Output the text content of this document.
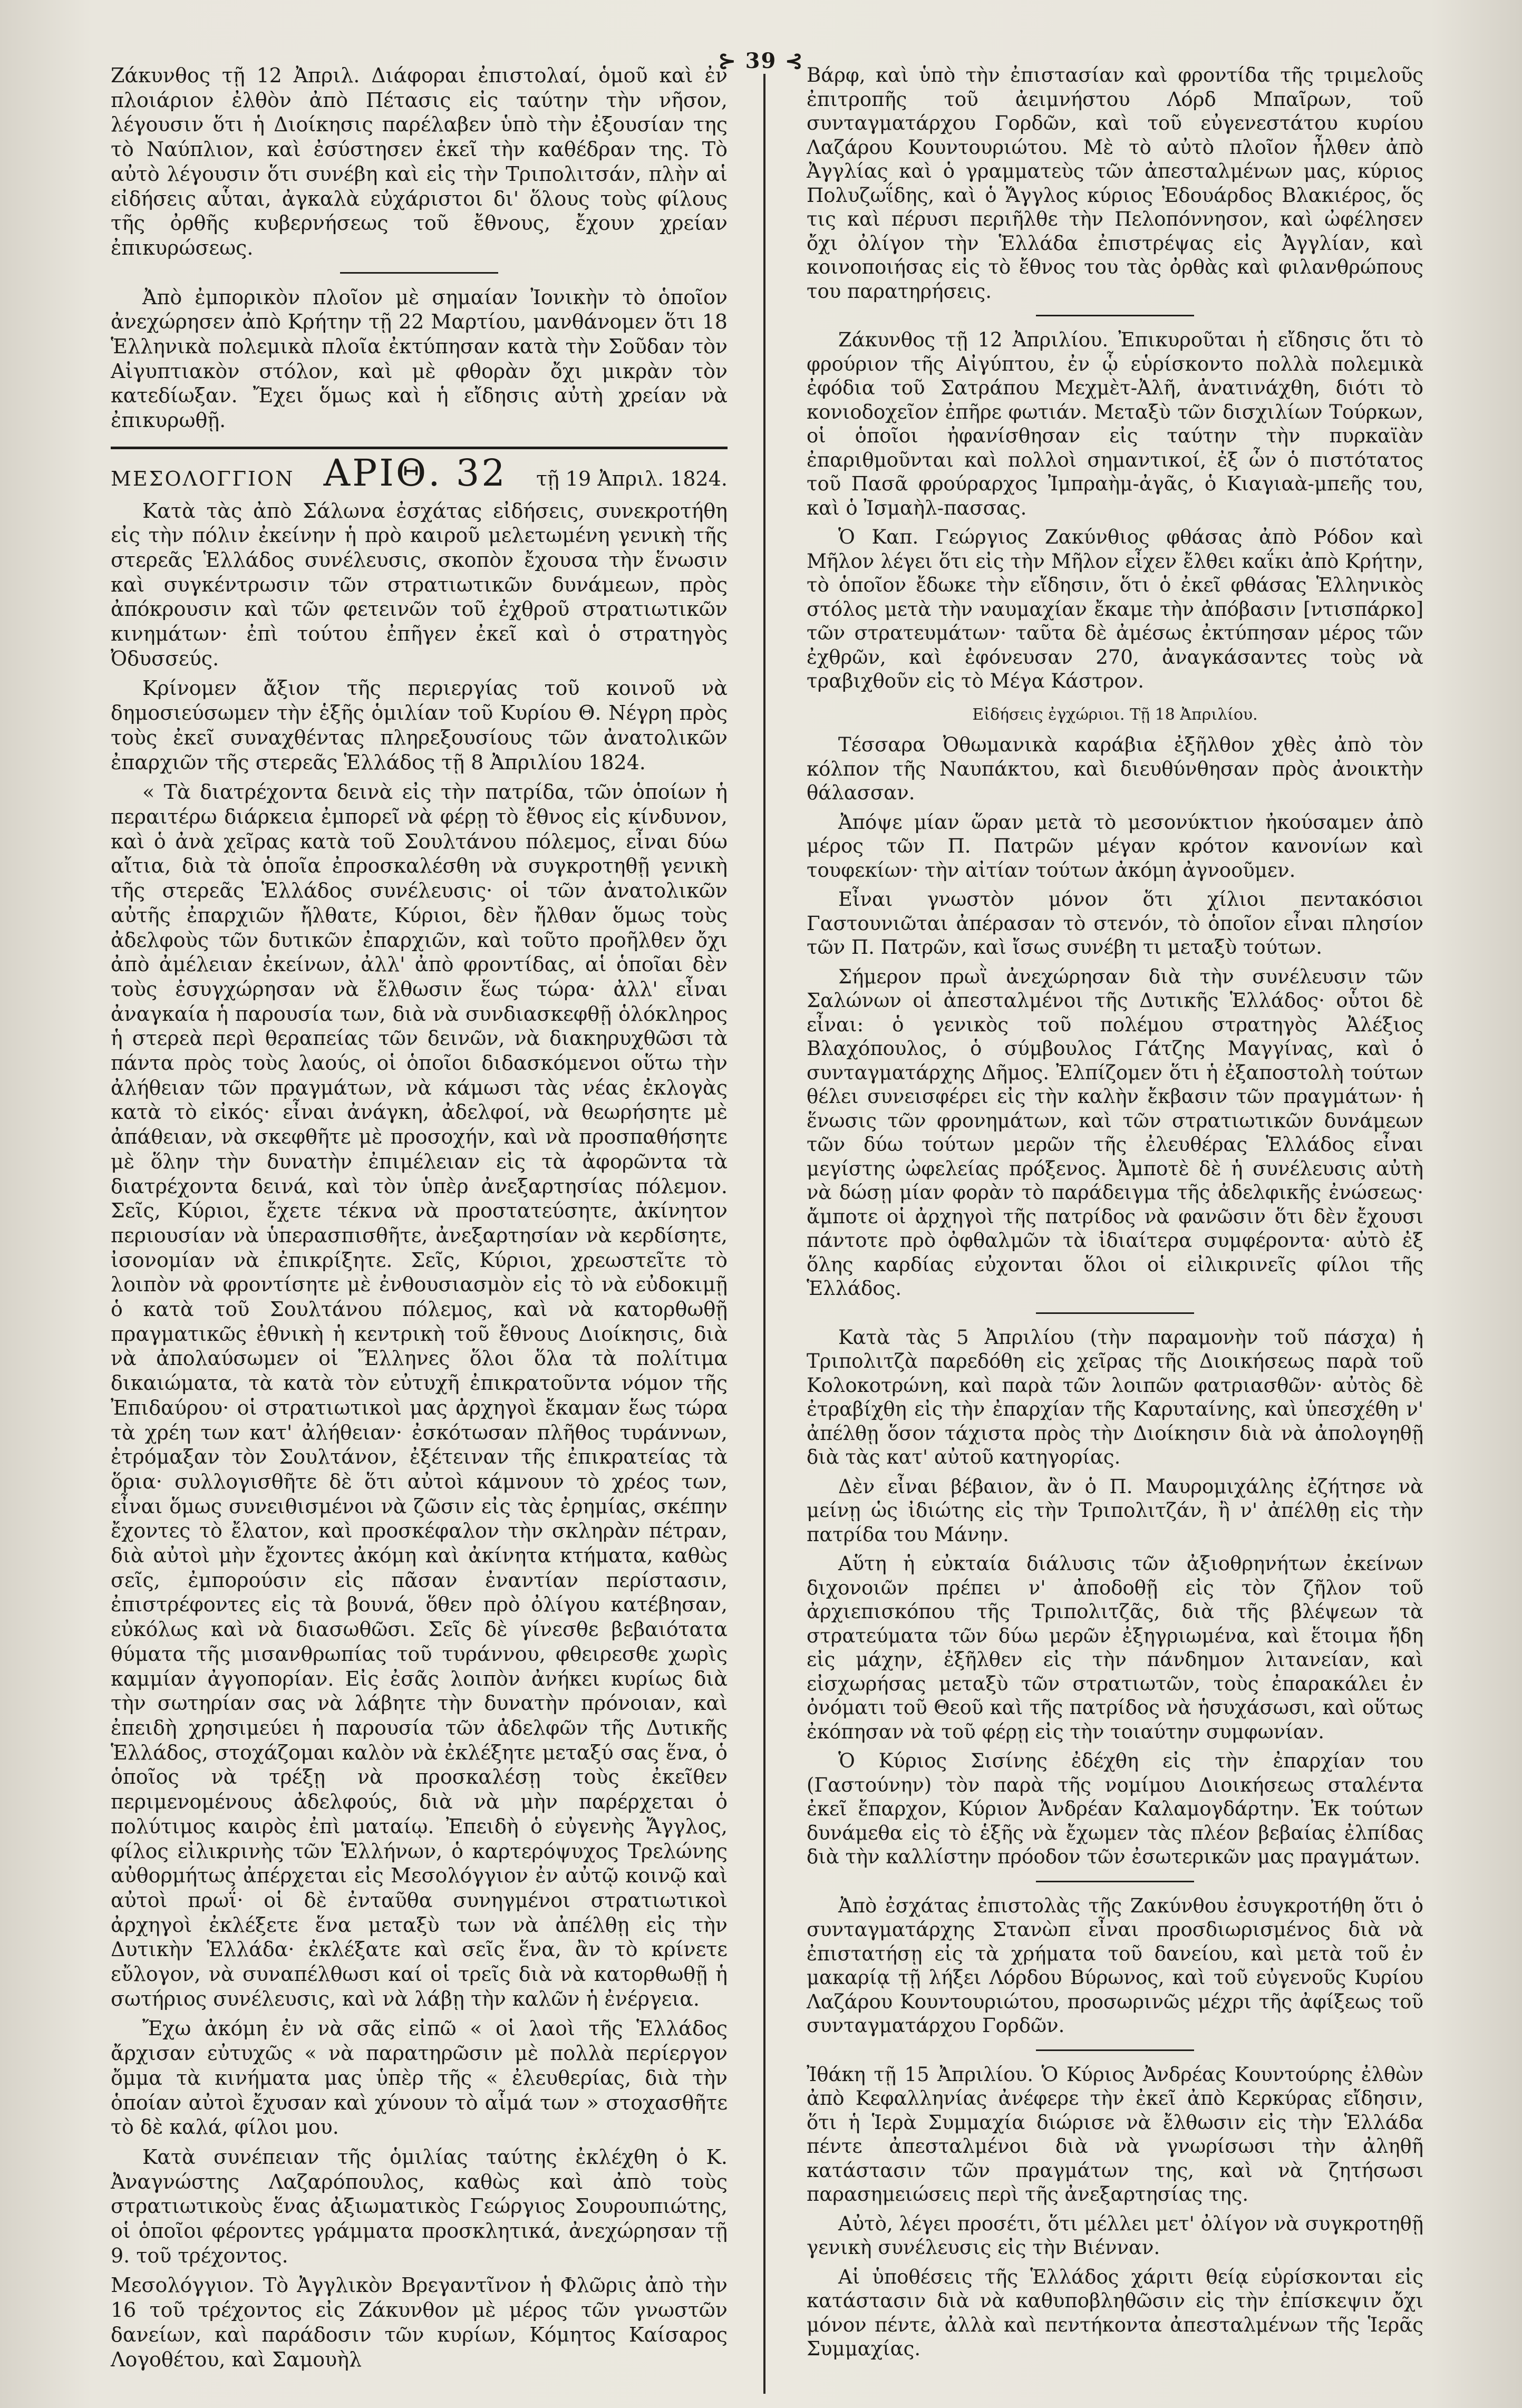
⊱ 39 ⊰

Ζάκυνθος τῇ 12 Ἀπριλ. Διάφοραι ἐπιστολαί, ὁμοῦ καὶ ἐν πλοιάριον ἐλθὸν ἀπὸ Πέτασις εἰς ταύτην τὴν νῆσον, λέγουσιν ὅτι ἡ Διοίκησις παρέλαβεν ὑπὸ τὴν ἐξουσίαν της τὸ Ναύπλιον, καὶ ἐσύστησεν ἐκεῖ τὴν καθέδραν της. Τὸ αὐτὸ λέγουσιν ὅτι συνέβη καὶ εἰς τὴν Τριπολιτσάν, πλὴν αἱ εἰδήσεις αὗται, ἀγκαλὰ εὐχάριστοι δι' ὅλους τοὺς φίλους τῆς ὀρθῆς κυβερνήσεως τοῦ ἔθνους, ἔχουν χρείαν ἐπικυρώσεως.

Ἀπὸ ἐμπορικὸν πλοῖον μὲ σημαίαν Ἰονικὴν τὸ ὁποῖον ἀνεχώρησεν ἀπὸ Κρήτην τῇ 22 Μαρτίου, μανθάνομεν ὅτι 18 Ἑλληνικὰ πολεμικὰ πλοῖα ἐκτύπησαν κατὰ τὴν Σοῦδαν τὸν Αἰγυπτιακὸν στόλον, καὶ μὲ φθορὰν ὄχι μικρὰν τὸν κατεδίωξαν. Ἔχει ὅμως καὶ ἡ εἴδησις αὐτὴ χρείαν νὰ ἐπικυρωθῇ.

ΜΕΣΟΛΟΓΓΙΟΝ ΑΡΙΘ. 32 τῇ 19 Ἀπριλ. 1824.

Κατὰ τὰς ἀπὸ Σάλωνα ἐσχάτας εἰδήσεις, συνεκροτήθη εἰς τὴν πόλιν ἐκείνην ἡ πρὸ καιροῦ μελετωμένη γενικὴ τῆς στερεᾶς Ἑλλάδος συνέλευσις, σκοπὸν ἔχουσα τὴν ἕνωσιν καὶ συγκέντρωσιν τῶν στρατιωτικῶν δυνάμεων, πρὸς ἀπόκρουσιν καὶ τῶν φετεινῶν τοῦ ἐχθροῦ στρατιωτικῶν κινημάτων· ἐπὶ τούτου ἐπῆγεν ἐκεῖ καὶ ὁ στρατηγὸς Ὀδυσσεύς.

Κρίνομεν ἄξιον τῆς περιεργίας τοῦ κοινοῦ νὰ δημοσιεύσωμεν τὴν ἑξῆς ὁμιλίαν τοῦ Κυρίου Θ. Νέγρη πρὸς τοὺς ἐκεῖ συναχθέντας πληρεξουσίους τῶν ἀνατολικῶν ἐπαρχιῶν τῆς στερεᾶς Ἑλλάδος τῇ 8 Ἀπριλίου 1824.

« Τὰ διατρέχοντα δεινὰ εἰς τὴν πατρίδα, τῶν ὁποίων ἡ περαιτέρω διάρκεια ἐμπορεῖ νὰ φέρῃ τὸ ἔθνος εἰς κίνδυνον, καὶ ὁ ἀνὰ χεῖρας κατὰ τοῦ Σουλτάνου πόλεμος, εἶναι δύω αἴτια, διὰ τὰ ὁποῖα ἐπροσκαλέσθη νὰ συγκροτηθῇ γενικὴ τῆς στερεᾶς Ἑλλάδος συνέλευσις· οἱ τῶν ἀνατολικῶν αὐτῆς ἐπαρχιῶν ἤλθατε, Κύριοι, δὲν ἤλθαν ὅμως τοὺς ἀδελφοὺς τῶν δυτικῶν ἐπαρχιῶν, καὶ τοῦτο προῆλθεν ὄχι ἀπὸ ἀμέλειαν ἐκείνων, ἀλλ' ἀπὸ φροντίδας, αἱ ὁποῖαι δὲν τοὺς ἐσυγχώρησαν νὰ ἔλθωσιν ἕως τώρα· ἀλλ' εἶναι ἀναγκαία ἡ παρουσία των, διὰ νὰ συνδιασκεφθῇ ὁλόκληρος ἡ στερεὰ περὶ θεραπείας τῶν δεινῶν, νὰ διακηρυχθῶσι τὰ πάντα πρὸς τοὺς λαούς, οἱ ὁποῖοι διδασκόμενοι οὕτω τὴν ἀλήθειαν τῶν πραγμάτων, νὰ κάμωσι τὰς νέας ἐκλογὰς κατὰ τὸ εἰκός· εἶναι ἀνάγκη, ἀδελφοί, νὰ θεωρήσητε μὲ ἀπάθειαν, νὰ σκεφθῆτε μὲ προσοχήν, καὶ νὰ προσπαθήσητε μὲ ὅλην τὴν δυνατὴν ἐπιμέλειαν εἰς τὰ ἀφορῶντα τὰ διατρέχοντα δεινά, καὶ τὸν ὑπὲρ ἀνεξαρτησίας πόλεμον. Σεῖς, Κύριοι, ἔχετε τέκνα νὰ προστατεύσητε, ἀκίνητον περιουσίαν νὰ ὑπερασπισθῆτε, ἀνεξαρτησίαν νὰ κερδίσητε, ἰσονομίαν νὰ ἐπικρίξητε. Σεῖς, Κύριοι, χρεωστεῖτε τὸ λοιπὸν νὰ φροντίσητε μὲ ἐνθουσιασμὸν εἰς τὸ νὰ εὐδοκιμῇ ὁ κατὰ τοῦ Σουλτάνου πόλεμος, καὶ νὰ κατορθωθῇ πραγματικῶς ἐθνικὴ ἡ κεντρικὴ τοῦ ἔθνους Διοίκησις, διὰ νὰ ἀπολαύσωμεν οἱ Ἕλληνες ὅλοι ὅλα τὰ πολίτιμα δικαιώματα, τὰ κατὰ τὸν εὐτυχῆ ἐπικρατοῦντα νόμον τῆς Ἐπιδαύρου· οἱ στρατιωτικοὶ μας ἀρχηγοὶ ἔκαμαν ἕως τώρα τὰ χρέη των κατ' ἀλήθειαν· ἐσκότωσαν πλῆθος τυράννων, ἐτρόμαξαν τὸν Σουλτάνον, ἐξέτειναν τῆς ἐπικρατείας τὰ ὅρια· συλλογισθῆτε δὲ ὅτι αὐτοὶ κάμνουν τὸ χρέος των, εἶναι ὅμως συνειθισμένοι νὰ ζῶσιν εἰς τὰς ἐρημίας, σκέπην ἔχοντες τὸ ἔλατον, καὶ προσκέφαλον τὴν σκληρὰν πέτραν, διὰ αὐτοὶ μὴν ἔχοντες ἀκόμη καὶ ἀκίνητα κτήματα, καθὼς σεῖς, ἐμπορούσιν εἰς πᾶσαν ἐναντίαν περίστασιν, ἐπιστρέφοντες εἰς τὰ βουνά, ὅθεν πρὸ ὀλίγου κατέβησαν, εὐκόλως καὶ νὰ διασωθῶσι. Σεῖς δὲ γίνεσθε βεβαιότατα θύματα τῆς μισανθρωπίας τοῦ τυράννου, φθειρεσθε χωρὶς καμμίαν ἀγγοπορίαν. Εἰς ἐσᾶς λοιπὸν ἀνήκει κυρίως διὰ τὴν σωτηρίαν σας νὰ λάβητε τὴν δυνατὴν πρόνοιαν, καὶ ἐπειδὴ χρησιμεύει ἡ παρουσία τῶν ἀδελφῶν τῆς Δυτικῆς Ἑλλάδος, στοχάζομαι καλὸν νὰ ἐκλέξητε μεταξύ σας ἕνα, ὁ ὁποῖος νὰ τρέξῃ νὰ προσκαλέσῃ τοὺς ἐκεῖθεν περιμενομένους ἀδελφούς, διὰ νὰ μὴν παρέρχεται ὁ πολύτιμος καιρὸς ἐπὶ ματαίῳ. Ἐπειδὴ ὁ εὐγενὴς Ἄγγλος, φίλος εἰλικρινὴς τῶν Ἑλλήνων, ὁ καρτερόψυχος Τρελώνης αὐθορμήτως ἀπέρχεται εἰς Μεσολόγγιον ἐν αὐτῷ κοινῷ καὶ αὐτοὶ πρωΐ· οἱ δὲ ἐνταῦθα συνηγμένοι στρατιωτικοὶ ἀρχηγοὶ ἐκλέξετε ἕνα μεταξὺ των νὰ ἀπέλθῃ εἰς τὴν Δυτικὴν Ἑλλάδα· ἐκλέξατε καὶ σεῖς ἕνα, ἂν τὸ κρίνετε εὔλογον, νὰ συναπέλθωσι καί οἱ τρεῖς διὰ νὰ κατορθωθῇ ἡ σωτήριος συνέλευσις, καὶ νὰ λάβῃ τὴν καλῶν ἡ ἐνέργεια.

Ἔχω ἀκόμη ἐν νὰ σᾶς εἰπῶ « οἱ λαοὶ τῆς Ἑλλάδος ἄρχισαν εὐτυχῶς « νὰ παρατηρῶσιν μὲ πολλὰ περίεργον ὄμμα τὰ κινήματα μας ὑπὲρ τῆς « ἐλευθερίας, διὰ τὴν ὁποίαν αὐτοὶ ἔχυσαν καὶ χύνουν τὸ αἷμά των » στοχασθῆτε τὸ δὲ καλά, φίλοι μου.

Κατὰ συνέπειαν τῆς ὁμιλίας ταύτης ἐκλέχθη ὁ Κ. Ἀναγνώστης Λαζαρόπουλος, καθὼς καὶ ἀπὸ τοὺς στρατιωτικοὺς ἕνας ἀξιωματικὸς Γεώργιος Σουρουπιώτης, οἱ ὁποῖοι φέροντες γράμματα προσκλητικά, ἀνεχώρησαν τῇ 9. τοῦ τρέχοντος.

Μεσολόγγιον. Τὸ Ἀγγλικὸν Βρεγαντῖνον ἡ Φλῶρις ἀπὸ τὴν 16 τοῦ τρέχοντος εἰς Ζάκυνθον μὲ μέρος τῶν γνωστῶν δανείων, καὶ παράδοσιν τῶν κυρίων, Κόμητος Καίσαρος Λογοθέτου, καὶ Σαμουὴλ

Βάρφ, καὶ ὑπὸ τὴν ἐπιστασίαν καὶ φροντίδα τῆς τριμελοῦς ἐπιτροπῆς τοῦ ἀειμνήστου Λόρδ Μπαῖρων, τοῦ συνταγματάρχου Γορδῶν, καὶ τοῦ εὐγενεστάτου κυρίου Λαζάρου Κουντουριώτου. Μὲ τὸ αὐτὸ πλοῖον ἦλθεν ἀπὸ Ἀγγλίας καὶ ὁ γραμματεὺς τῶν ἀπεσταλμένων μας, κύριος Πολυζωΐδης, καὶ ὁ Ἄγγλος κύριος Ἐδουάρδος Βλακιέρος, ὅς τις καὶ πέρυσι περιῆλθε τὴν Πελοπόννησον, καὶ ὠφέλησεν ὄχι ὀλίγον τὴν Ἑλλάδα ἐπιστρέψας εἰς Ἀγγλίαν, καὶ κοινοποιήσας εἰς τὸ ἔθνος του τὰς ὀρθὰς καὶ φιλανθρώπους του παρατηρήσεις.

Ζάκυνθος τῇ 12 Ἀπριλίου. Ἐπικυροῦται ἡ εἴδησις ὅτι τὸ φρούριον τῆς Αἰγύπτου, ἐν ᾧ εὑρίσκοντο πολλὰ πολεμικὰ ἐφόδια τοῦ Σατράπου Μεχμὲτ-Ἀλῆ, ἀνατινάχθη, διότι τὸ κονιοδοχεῖον ἐπῆρε φωτιάν. Μεταξὺ τῶν δισχιλίων Τούρκων, οἱ ὁποῖοι ἠφανίσθησαν εἰς ταύτην τὴν πυρκαϊὰν ἐπαριθμοῦνται καὶ πολλοὶ σημαντικοί, ἐξ ὧν ὁ πιστότατος τοῦ Πασᾶ φρούραρχος Ἰμπραὴμ-ἀγᾶς, ὁ Κιαγιαὰ-μπεῆς του, καὶ ὁ Ἰσμαὴλ-πασσας.

Ὁ Καπ. Γεώργιος Ζακύνθιος φθάσας ἀπὸ Ρόδον καὶ Μῆλον λέγει ὅτι εἰς τὴν Μῆλον εἶχεν ἔλθει καΐκι ἀπὸ Κρήτην, τὸ ὁποῖον ἔδωκε τὴν εἴδησιν, ὅτι ὁ ἐκεῖ φθάσας Ἑλληνικὸς στόλος μετὰ τὴν ναυμαχίαν ἔκαμε τὴν ἀπόβασιν [ντισπάρκο] τῶν στρατευμάτων· ταῦτα δὲ ἀμέσως ἐκτύπησαν μέρος τῶν ἐχθρῶν, καὶ ἐφόνευσαν 270, ἀναγκάσαντες τοὺς νὰ τραβιχθοῦν εἰς τὸ Μέγα Κάστρον.

Εἰδήσεις ἐγχώριοι. Τῇ 18 Ἀπριλίου.

Τέσσαρα Ὀθωμανικὰ καράβια ἐξῆλθον χθὲς ἀπὸ τὸν κόλπον τῆς Ναυπάκτου, καὶ διευθύνθησαν πρὸς ἀνοικτὴν θάλασσαν.

Ἀπόψε μίαν ὥραν μετὰ τὸ μεσονύκτιον ἠκούσαμεν ἀπὸ μέρος τῶν Π. Πατρῶν μέγαν κρότον κανονίων καὶ τουφεκίων· τὴν αἰτίαν τούτων ἀκόμη ἀγνοοῦμεν.

Εἶναι γνωστὸν μόνον ὅτι χίλιοι πεντακόσιοι Γαστουνιῶται ἀπέρασαν τὸ στενόν, τὸ ὁποῖον εἶναι πλησίον τῶν Π. Πατρῶν, καὶ ἴσως συνέβη τι μεταξὺ τούτων.

Σήμερον πρωῒ ἀνεχώρησαν διὰ τὴν συνέλευσιν τῶν Σαλώνων οἱ ἀπεσταλμένοι τῆς Δυτικῆς Ἑλλάδος· οὗτοι δὲ εἶναι: ὁ γενικὸς τοῦ πολέμου στρατηγὸς Ἀλέξιος Βλαχόπουλος, ὁ σύμβουλος Γάτζης Μαγγίνας, καὶ ὁ συνταγματάρχης Δῆμος. Ἐλπίζομεν ὅτι ἡ ἐξαποστολὴ τούτων θέλει συνεισφέρει εἰς τὴν καλὴν ἔκβασιν τῶν πραγμάτων· ἡ ἕνωσις τῶν φρονημάτων, καὶ τῶν στρατιωτικῶν δυνάμεων τῶν δύω τούτων μερῶν τῆς ἐλευθέρας Ἑλλάδος εἶναι μεγίστης ὠφελείας πρόξενος. Ἀμποτὲ δὲ ἡ συνέλευσις αὐτὴ νὰ δώσῃ μίαν φορὰν τὸ παράδειγμα τῆς ἀδελφικῆς ἐνώσεως· ἄμποτε οἱ ἀρχηγοὶ τῆς πατρίδος νὰ φανῶσιν ὅτι δὲν ἔχουσι πάντοτε πρὸ ὀφθαλμῶν τὰ ἰδιαίτερα συμφέροντα· αὐτὸ ἐξ ὅλης καρδίας εὐχονται ὅλοι οἱ εἰλικρινεῖς φίλοι τῆς Ἑλλάδος.

Κατὰ τὰς 5 Ἀπριλίου (τὴν παραμονὴν τοῦ πάσχα) ἡ Τριπολιτζὰ παρεδόθη εἰς χεῖρας τῆς Διοικήσεως παρὰ τοῦ Κολοκοτρώνη, καὶ παρὰ τῶν λοιπῶν φατριασθῶν· αὐτὸς δὲ ἐτραβίχθη εἰς τὴν ἐπαρχίαν τῆς Καρυταίνης, καὶ ὑπεσχέθη ν' ἀπέλθῃ ὅσον τάχιστα πρὸς τὴν Διοίκησιν διὰ νὰ ἀπολογηθῇ διὰ τὰς κατ' αὐτοῦ κατηγορίας.

Δὲν εἶναι βέβαιον, ἂν ὁ Π. Μαυρομιχάλης ἐζήτησε νὰ μείνῃ ὡς ἰδιώτης εἰς τὴν Τριπολιτζάν, ἢ ν' ἀπέλθῃ εἰς τὴν πατρίδα του Μάνην.

Αὕτη ἡ εὐκταία διάλυσις τῶν ἀξιοθρηνήτων ἐκείνων διχονοιῶν πρέπει ν' ἀποδοθῇ εἰς τὸν ζῆλον τοῦ ἀρχιεπισκόπου τῆς Τριπολιτζᾶς, διὰ τῆς βλέψεων τὰ στρατεύματα τῶν δύω μερῶν ἐξηγριωμένα, καὶ ἕτοιμα ἤδη εἰς μάχην, ἐξῆλθεν εἰς τὴν πάνδημον λιτανείαν, καὶ εἰσχωρήσας μεταξὺ τῶν στρατιωτῶν, τοὺς ἐπαρακάλει ἐν ὀνόματι τοῦ Θεοῦ καὶ τῆς πατρίδος νὰ ἡσυχάσωσι, καὶ οὕτως ἐκόπησαν νὰ τοῦ φέρῃ εἰς τὴν τοιαύτην συμφωνίαν.

Ὁ Κύριος Σισίνης ἐδέχθη εἰς τὴν ἐπαρχίαν του (Γαστούνην) τὸν παρὰ τῆς νομίμου Διοικήσεως σταλέντα ἐκεῖ ἔπαρχον, Κύριον Ἀνδρέαν Καλαμογδάρτην. Ἐκ τούτων δυνάμεθα εἰς τὸ ἑξῆς νὰ ἔχωμεν τὰς πλέον βεβαίας ἐλπίδας διὰ τὴν καλλίστην πρόοδον τῶν ἐσωτερικῶν μας πραγμάτων.

Ἀπὸ ἐσχάτας ἐπιστολὰς τῆς Ζακύνθου ἐσυγκροτήθη ὅτι ὁ συνταγματάρχης Στανὼπ εἶναι προσδιωρισμένος διὰ νὰ ἐπιστατήσῃ εἰς τὰ χρήματα τοῦ δανείου, καὶ μετὰ τοῦ ἐν μακαρίᾳ τῇ λήξει Λόρδου Βύρωνος, καὶ τοῦ εὐγενοῦς Κυρίου Λαζάρου Κουντουριώτου, προσωρινῶς μέχρι τῆς ἀφίξεως τοῦ συνταγματάρχου Γορδῶν.

Ἰθάκη τῇ 15 Ἀπριλίου. Ὁ Κύριος Ἀνδρέας Κουντούρης ἐλθὼν ἀπὸ Κεφαλληνίας ἀνέφερε τὴν ἐκεῖ ἀπὸ Κερκύρας εἴδησιν, ὅτι ἡ Ἱερὰ Συμμαχία διώρισε νὰ ἔλθωσιν εἰς τὴν Ἑλλάδα πέντε ἀπεσταλμένοι διὰ νὰ γνωρίσωσι τὴν ἀληθῆ κατάστασιν τῶν πραγμάτων της, καὶ νὰ ζητήσωσι παρασημειώσεις περὶ τῆς ἀνεξαρτησίας της.

Αὐτὸ, λέγει προσέτι, ὅτι μέλλει μετ' ὀλίγον νὰ συγκροτηθῇ γενικὴ συνέλευσις εἰς τὴν Βιένναν.

Αἱ ὑποθέσεις τῆς Ἑλλάδος χάριτι θείᾳ εὑρίσκονται εἰς κατάστασιν διὰ νὰ καθυποβληθῶσιν εἰς τὴν ἐπίσκεψιν ὄχι μόνον πέντε, ἀλλὰ καὶ πεντήκοντα ἀπεσταλμένων τῆς Ἱερᾶς Συμμαχίας.
